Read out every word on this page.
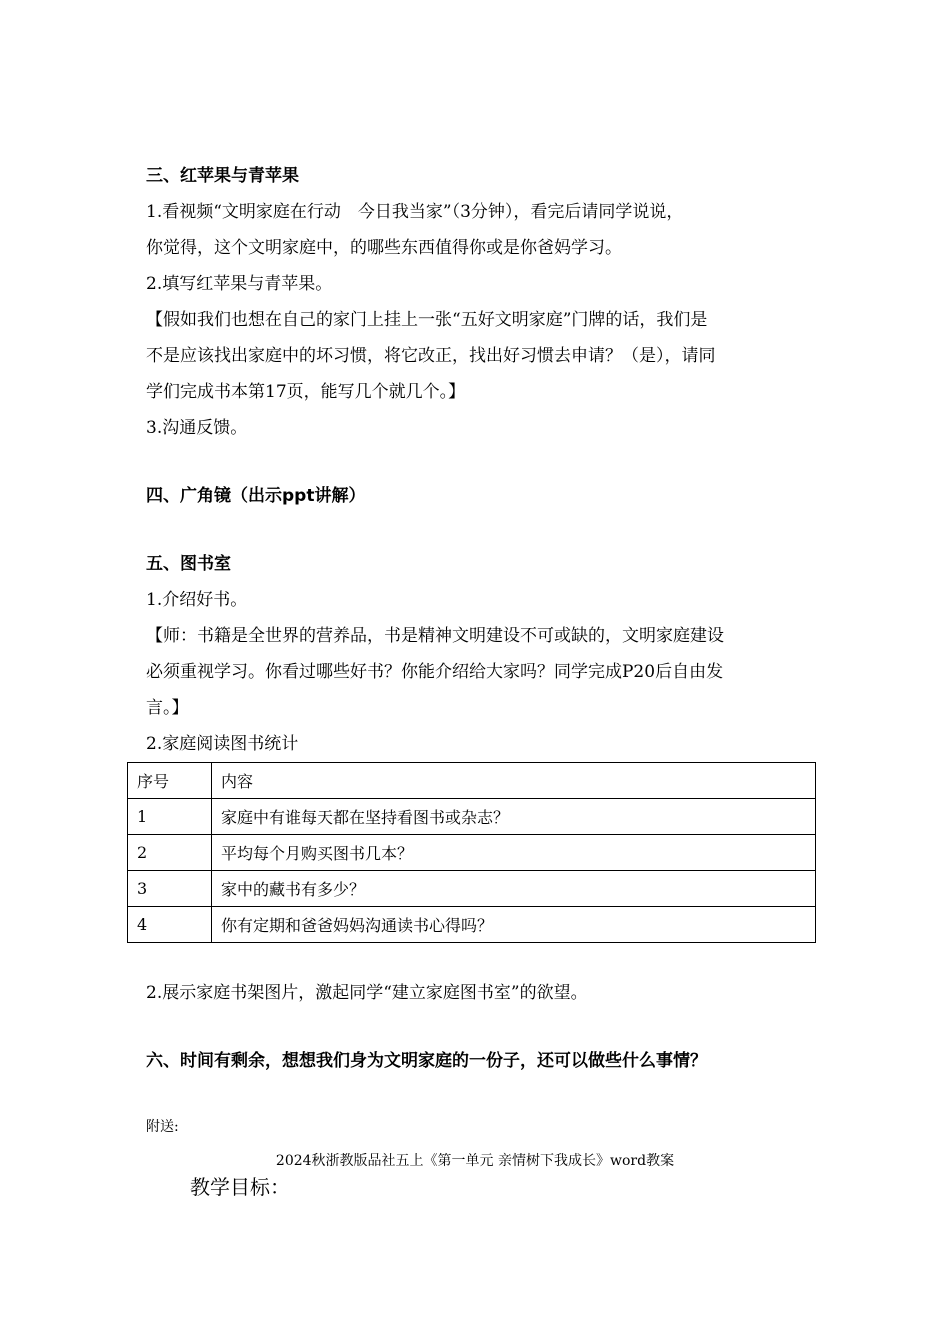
三、红苹果与青苹果

1.看视频“文明家庭在行动　今日我当家”（3分钟），看完后请同学说说，

你觉得，这个文明家庭中，的哪些东西值得你或是你爸妈学习。

2.填写红苹果与青苹果。

【假如我们也想在自己的家门上挂上一张“五好文明家庭”门牌的话，我们是

不是应该找出家庭中的坏习惯，将它改正，找出好习惯去申请？（是），请同

学们完成书本第17页，能写几个就几个。】

3.沟通反馈。

四、广角镜（出示ppt讲解）

五、图书室

1.介绍好书。

【师：书籍是全世界的营养品，书是精神文明建设不可或缺的，文明家庭建设

必须重视学习。你看过哪些好书？你能介绍给大家吗？同学完成P20后自由发

言。】

2.家庭阅读图书统计

序号	内容
1	家庭中有谁每天都在坚持看图书或杂志？
2	平均每个月购买图书几本？
3	家中的藏书有多少？
4	你有定期和爸爸妈妈沟通读书心得吗？

2.展示家庭书架图片，激起同学“建立家庭图书室”的欲望。

六、时间有剩余，想想我们身为文明家庭的一份子，还可以做些什么事情？

附送:

2024秋浙教版品社五上《第一单元 亲情树下我成长》word教案

教学目标：
